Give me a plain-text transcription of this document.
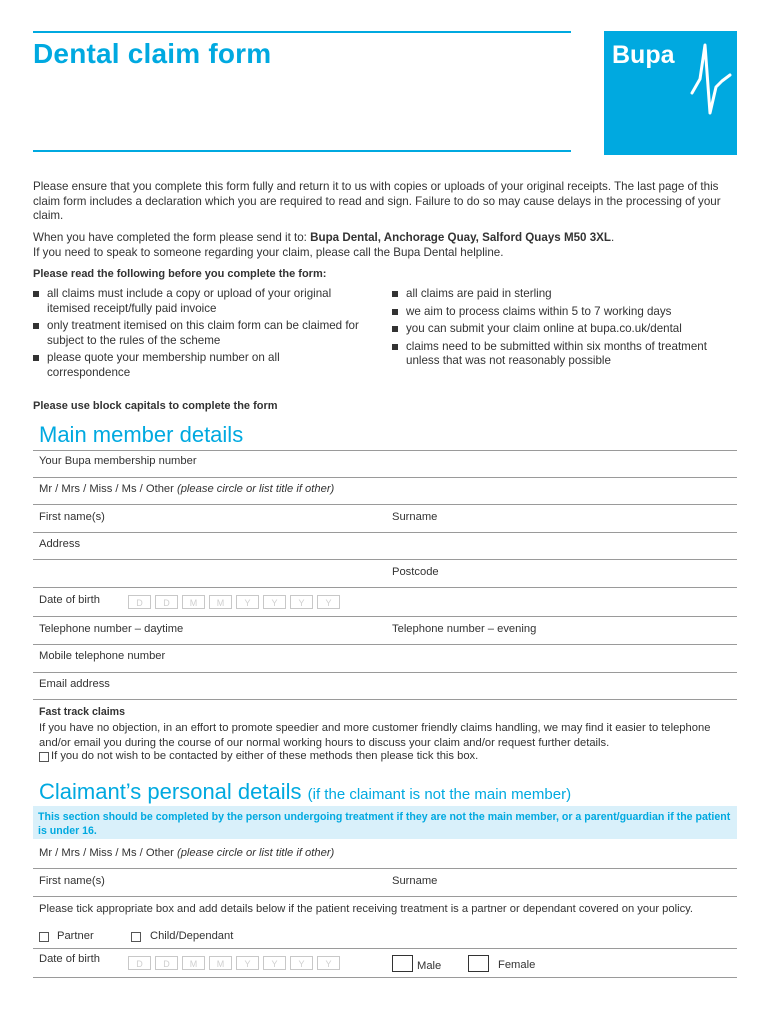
Dental claim form	Bupa
Please ensure that you complete this form fully and return it to us with copies or uploads of your original receipts. The last page of this claim form includes a declaration which you are required to read and sign. Failure to do so may cause delays in the processing of your claim.
When you have completed the form please send it to: Bupa Dental, Anchorage Quay, Salford Quays M50 3XL.
If you need to speak to someone regarding your claim, please call the Bupa Dental helpline.
Please read the following before you complete the form:
all claims must include a copy or upload of your original itemised receipt/fully paid invoice
only treatment itemised on this claim form can be claimed for subject to the rules of the scheme
please quote your membership number on all correspondence
all claims are paid in sterling
we aim to process claims within 5 to 7 working days
you can submit your claim online at bupa.co.uk/dental
claims need to be submitted within six months of treatment unless that was not reasonably possible
Please use block capitals to complete the form
Main member details
Your Bupa membership number
Mr / Mrs / Miss / Ms / Other (please circle or list title if other)
First name(s)	Surname
Address
Postcode
Date of birth	D	D	M	M	Y	Y	Y	Y
Telephone number – daytime	Telephone number – evening
Mobile telephone number
Email address
Fast track claims
If you have no objection, in an effort to promote speedier and more customer friendly claims handling, we may find it easier to telephone and/or email you during the course of our normal working hours to discuss your claim and/or request further details.
If you do not wish to be contacted by either of these methods then please tick this box.
Claimant’s personal details (if the claimant is not the main member)
This section should be completed by the person undergoing treatment if they are not the main member, or a parent/guardian if the patient is under 16.
Mr / Mrs / Miss / Ms / Other (please circle or list title if other)
First name(s)	Surname
Please tick appropriate box and add details below if the patient receiving treatment is a partner or dependant covered on your policy.
Partner	Child/Dependant
Date of birth	D	D	M	M	Y	Y	Y	Y	Male	Female
